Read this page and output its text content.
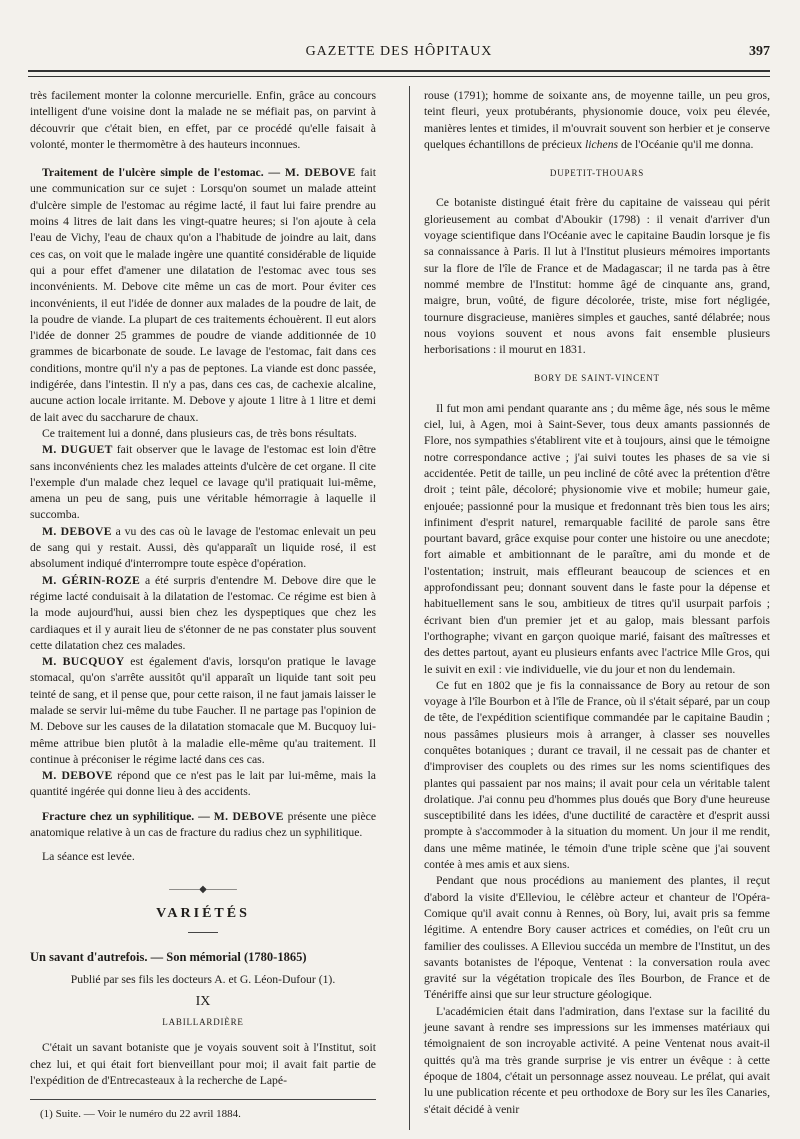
GAZETTE DES HÔPITAUX	397

très facilement monter la colonne mercurielle. Enfin, grâce au concours intelligent d'une voisine dont la malade ne se méfiait pas, on parvint à découvrir que c'était bien, en effet, par ce procédé qu'elle faisait à volonté, monter le thermomètre à des hauteurs inconnues.

Traitement de l'ulcère simple de l'estomac. — M. DEBOVE fait une communication sur ce sujet : Lorsqu'on soumet un malade atteint d'ulcère simple de l'estomac au régime lacté, il faut lui faire prendre au moins 4 litres de lait dans les vingt-quatre heures; si l'on ajoute à cela l'eau de Vichy, l'eau de chaux qu'on a l'habitude de joindre au lait, dans ces cas, on voit que le malade ingère une quantité considérable de liquide qui a pour effet d'amener une dilatation de l'estomac avec tous ses inconvénients. M. Debove cite même un cas de mort. Pour éviter ces inconvénients, il eut l'idée de donner aux malades de la poudre de lait, de la poudre de viande. La plupart de ces traitements échouèrent. Il eut alors l'idée de donner 25 grammes de poudre de viande additionnée de 10 grammes de bicarbonate de soude. Le lavage de l'estomac, fait dans ces conditions, montre qu'il n'y a pas de peptones. La viande est donc passée, indigérée, dans l'intestin. Il n'y a pas, dans ces cas, de cachexie alcaline, aucune action locale irritante. M. Debove y ajoute 1 litre à 1 litre et demi de lait avec du saccharure de chaux.

Ce traitement lui a donné, dans plusieurs cas, de très bons résultats.

M. DUGUET fait observer que le lavage de l'estomac est loin d'être sans inconvénients chez les malades atteints d'ulcère de cet organe. Il cite l'exemple d'un malade chez lequel ce lavage qu'il pratiquait lui-même, amena un peu de sang, puis une véritable hémorragie à laquelle il succomba.

M. DEBOVE a vu des cas où le lavage de l'estomac enlevait un peu de sang qui y restait. Aussi, dès qu'apparaît un liquide rosé, il est absolument indiqué d'interrompre toute espèce d'opération.

M. GÉRIN-ROZE a été surpris d'entendre M. Debove dire que le régime lacté conduisait à la dilatation de l'estomac. Ce régime est bien à la mode aujourd'hui, aussi bien chez les dyspeptiques que chez les cardiaques et il y aurait lieu de s'étonner de ne pas constater plus souvent cette dilatation chez ces malades.

M. BUCQUOY est également d'avis, lorsqu'on pratique le lavage stomacal, qu'on s'arrête aussitôt qu'il apparaît un liquide tant soit peu teinté de sang, et il pense que, pour cette raison, il ne faut jamais laisser le malade se servir lui-même du tube Faucher. Il ne partage pas l'opinion de M. Debove sur les causes de la dilatation stomacale que M. Bucquoy lui-même attribue bien plutôt à la maladie elle-même qu'au traitement. Il continue à préconiser le régime lacté dans ces cas.

M. DEBOVE répond que ce n'est pas le lait par lui-même, mais la quantité ingérée qui donne lieu à des accidents.

Fracture chez un syphilitique. — M. DEBOVE présente une pièce anatomique relative à un cas de fracture du radius chez un syphilitique.

La séance est levée.

———◆———
VARIÉTÉS

Un savant d'autrefois. — Son mémorial (1780-1865)

Publié par ses fils les docteurs A. et G. Léon-Dufour (1).

IX
LABILLARDIÈRE

C'était un savant botaniste que je voyais souvent soit à l'Institut, soit chez lui, et qui était fort bienveillant pour moi; il avait fait partie de l'expédition de d'Entrecasteaux à la recherche de Lapé-

(1) Suite. — Voir le numéro du 22 avril 1884.

rouse (1791); homme de soixante ans, de moyenne taille, un peu gros, teint fleuri, yeux protubérants, physionomie douce, voix peu élevée, manières lentes et timides, il m'ouvrait souvent son herbier et je conserve quelques échantillons de précieux lichens de l'Océanie qu'il me donna.

DUPETIT-THOUARS

Ce botaniste distingué était frère du capitaine de vaisseau qui périt glorieusement au combat d'Aboukir (1798) : il venait d'arriver d'un voyage scientifique dans l'Océanie avec le capitaine Baudin lorsque je fis sa connaissance à Paris. Il lut à l'Institut plusieurs mémoires importants sur la flore de l'île de France et de Madagascar; il ne tarda pas à être nommé membre de l'Institut: homme âgé de cinquante ans, grand, maigre, brun, voûté, de figure décolorée, triste, mise fort négligée, tournure disgracieuse, manières simples et gauches, santé délabrée; nous nous voyions souvent et nous avons fait ensemble plusieurs herborisations : il mourut en 1831.

BORY DE SAINT-VINCENT

Il fut mon ami pendant quarante ans ; du même âge, nés sous le même ciel, lui, à Agen, moi à Saint-Sever, tous deux amants passionnés de Flore, nos sympathies s'établirent vite et à toujours, ainsi que le témoigne notre correspondance active ; j'ai suivi toutes les phases de sa vie si accidentée. Petit de taille, un peu incliné de côté avec la prétention d'être droit ; teint pâle, décoloré; physionomie vive et mobile; humeur gaie, enjouée; passionné pour la musique et fredonnant très bien tous les airs; infiniment d'esprit naturel, remarquable facilité de parole sans être pourtant bavard, grâce exquise pour conter une histoire ou une anecdote; fort aimable et ambitionnant de le paraître, ami du monde et de l'ostentation; instruit, mais effleurant beaucoup de sciences et en approfondissant peu; donnant souvent dans le faste pour la dépense et habituellement sans le sou, ambitieux de titres qu'il usurpait parfois ; écrivant bien d'un premier jet et au galop, mais blessant parfois l'orthographe; vivant en garçon quoique marié, faisant des maîtresses et des dettes partout, ayant eu plusieurs enfants avec l'actrice Mlle Gros, qui le suivit en exil : vie individuelle, vie du jour et non du lendemain.

Ce fut en 1802 que je fis la connaissance de Bory au retour de son voyage à l'île Bourbon et à l'île de France, où il s'était séparé, par un coup de tête, de l'expédition scientifique commandée par le capitaine Baudin ; nous passâmes plusieurs mois à arranger, à classer ses nouvelles conquêtes botaniques ; durant ce travail, il ne cessait pas de chanter et d'improviser des couplets ou des rimes sur les noms scientifiques des plantes qui passaient par nos mains; il avait pour cela un véritable talent drolatique. J'ai connu peu d'hommes plus doués que Bory d'une heureuse susceptibilité dans les idées, d'une ductilité de caractère et d'esprit aussi prompte à s'accommoder à la situation du moment. Un jour il me rendit, dans une même matinée, le témoin d'une triple scène que j'ai souvent contée à mes amis et aux siens.

Pendant que nous procédions au maniement des plantes, il reçut d'abord la visite d'Elleviou, le célèbre acteur et chanteur de l'Opéra-Comique qu'il avait connu à Rennes, où Bory, lui, avait pris sa femme légitime. A entendre Bory causer actrices et comédies, on l'eût cru un familier des coulisses. A Elleviou succéda un membre de l'Institut, un des savants botanistes de l'époque, Ventenat : la conversation roula avec gravité sur la végétation tropicale des îles Bourbon, de France et de Ténériffe ainsi que sur leur structure géologique.

L'académicien était dans l'admiration, dans l'extase sur la facilité du jeune savant à rendre ses impressions sur les immenses matériaux qui témoignaient de son incroyable activité. A peine Ventenat nous avait-il quittés qu'à ma très grande surprise je vis entrer un évêque : à cette époque de 1804, c'était un personnage assez nouveau. Le prélat, qui avait lu une publication récente et peu orthodoxe de Bory sur les îles Canaries, s'était décidé à venir
